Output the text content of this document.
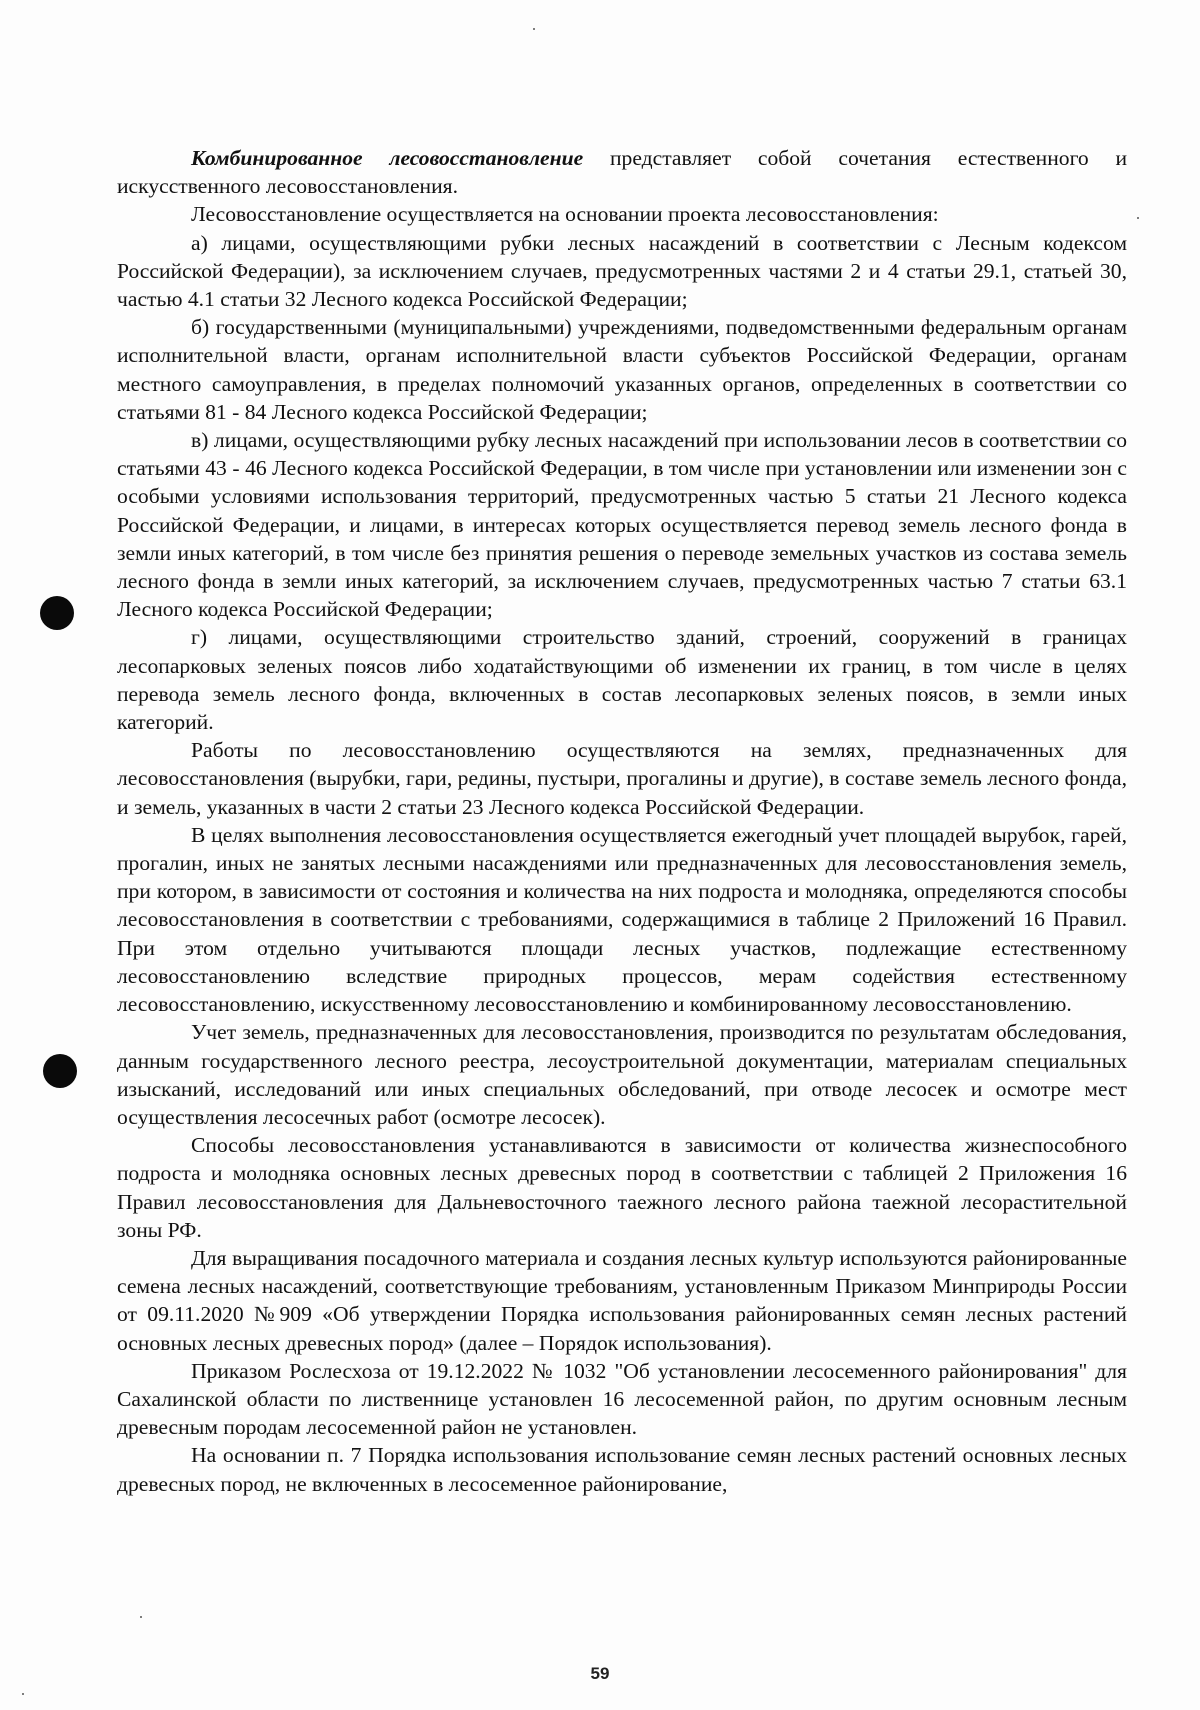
Комбинированное лесовосстановление представляет собой сочетания естественного и искусственного лесовосстановления.

Лесовосстановление осуществляется на основании проекта лесовосстановления:

а) лицами, осуществляющими рубки лесных насаждений в соответствии с Лесным кодексом Российской Федерации), за исключением случаев, предусмотренных частями 2 и 4 статьи 29.1, статьей 30, частью 4.1 статьи 32 Лесного кодекса Российской Федерации;

б) государственными (муниципальными) учреждениями, подведомственными федеральным органам исполнительной власти, органам исполнительной власти субъектов Российской Федерации, органам местного самоуправления, в пределах полномочий указанных органов, определенных в соответствии со статьями 81 - 84 Лесного кодекса Российской Федерации;

в) лицами, осуществляющими рубку лесных насаждений при использовании лесов в соответствии со статьями 43 - 46 Лесного кодекса Российской Федерации, в том числе при установлении или изменении зон с особыми условиями использования территорий, предусмотренных частью 5 статьи 21 Лесного кодекса Российской Федерации, и лицами, в интересах которых осуществляется перевод земель лесного фонда в земли иных категорий, в том числе без принятия решения о переводе земельных участков из состава земель лесного фонда в земли иных категорий, за исключением случаев, предусмотренных частью 7 статьи 63.1 Лесного кодекса Российской Федерации;

г) лицами, осуществляющими строительство зданий, строений, сооружений в границах лесопарковых зеленых поясов либо ходатайствующими об изменении их границ, в том числе в целях перевода земель лесного фонда, включенных в состав лесопарковых зеленых поясов, в земли иных категорий.

Работы по лесовосстановлению осуществляются на землях, предназначенных для лесовосстановления (вырубки, гари, редины, пустыри, прогалины и другие), в составе земель лесного фонда, и земель, указанных в части 2 статьи 23 Лесного кодекса Российской Федерации.

В целях выполнения лесовосстановления осуществляется ежегодный учет площадей вырубок, гарей, прогалин, иных не занятых лесными насаждениями или предназначенных для лесовосстановления земель, при котором, в зависимости от состояния и количества на них подроста и молодняка, определяются способы лесовосстановления в соответствии с требованиями, содержащимися в таблице 2 Приложений 16 Правил. При этом отдельно учитываются площади лесных участков, подлежащие естественному лесовосстановлению вследствие природных процессов, мерам содействия естественному лесовосстановлению, искусственному лесовосстановлению и комбинированному лесовосстановлению.

Учет земель, предназначенных для лесовосстановления, производится по результатам обследования, данным государственного лесного реестра, лесоустроительной документации, материалам специальных изысканий, исследований или иных специальных обследований, при отводе лесосек и осмотре мест осуществления лесосечных работ (осмотре лесосек).

Способы лесовосстановления устанавливаются в зависимости от количества жизнеспособного подроста и молодняка основных лесных древесных пород в соответствии с таблицей 2 Приложения 16 Правил лесовосстановления для Дальневосточного таежного лесного района таежной лесорастительной зоны РФ.

Для выращивания посадочного материала и создания лесных культур используются районированные семена лесных насаждений, соответствующие требованиям, установленным Приказом Минприроды России от 09.11.2020 №909 «Об утверждении Порядка использования районированных семян лесных растений основных лесных древесных пород» (далее – Порядок использования).

Приказом Рослесхоза от 19.12.2022 № 1032 "Об установлении лесосеменного районирования" для Сахалинской области по лиственнице установлен 16 лесосеменной район, по другим основным лесным древесным породам лесосеменной район не установлен.

На основании п. 7 Порядка использования использование семян лесных растений основных лесных древесных пород, не включенных в лесосеменное районирование,

59
